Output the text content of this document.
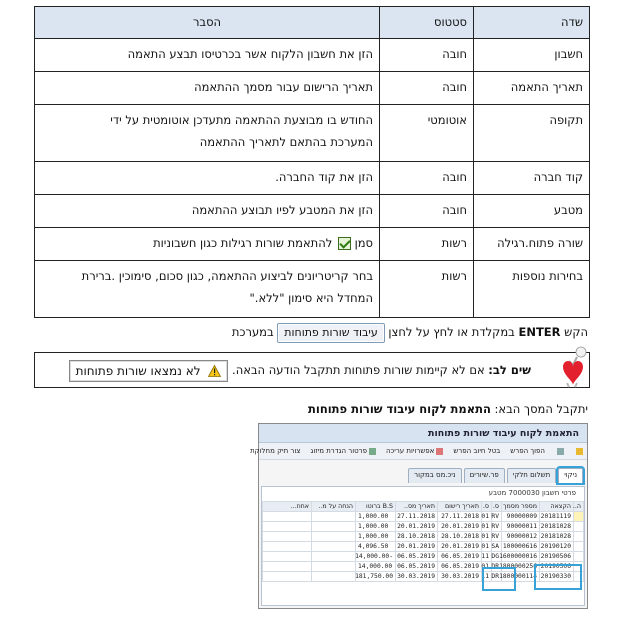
שדה	סטטוס	הסבר
חשבון	חובה	הזן את חשבון הלקוח אשר בכרטיסו תבצע התאמה
תאריך התאמה	חובה	תאריך הרישום עבור מסמך ההתאמה
תקופה	אוטומטי	החודש בו מבוצעת ההתאמה מתעדכן אוטומטית על ידי
המערכת בהתאם לתאריך ההתאמה

קוד חברה	חובה	הזן את קוד החברה.
מטבע	חובה	הזן את המטבע לפיו תבוצע ההתאמה
שורה פתוח.רגילה	רשות	סמן  להתאמת שורות רגילות כגון חשבוניות
בחירות נוספות	רשות	בחר קריטריונים לביצוע ההתאמה, כגון סכום, סימוכין .ברירת
המחדל היא סימון "ללא."
הקש ENTER במקלדת או לחץ על לחצן עיבוד שורות פתוחות במערכת
שים לב: אם לא קיימות שורות פתוחות תתקבל הודעה הבאה.  לא נמצאו שורות פתוחות
יתקבל המסך הבא: התאמת לקוח עיבוד שורות פתוחות
התאמת לקוח עיבוד שורות פתוחות
הפוך הפרש
בטל חיוב הפרש
אפשרויות עריכה
פרטור הגדרת מיזוג
צור תיק מחלוקת
ניקוי
תשלום חלקי
פר.שיורים
ניכ.מס במקור
פרטי חשבון 7000030 מטבע
ה..	הקצאה	מספר מסמך	ס.	ס.	תאריך רישום	תאריך מס..	B.S ברוטו	הנחה על מ..	אחוז...
	20181119	90000009	RV	01	27.11.2018	27.11.2018	1,000.00		
	20181028	90000011	RV	01	20.01.2019	20.01.2019	1,000.00		
	20181028	90000012	RV	01	28.10.2018	28.10.2018	1,000.00		
	20190120	100000616	SA	01	20.01.2019	20.01.2019	4,096.50		
	20190506	1600000016	DG	11	06.05.2019	06.05.2019	-14,000.00		
	20190506	1800000256	DR	01	06.05.2019	06.05.2019	14,000.00		
	20190330	1800000114	DR	11	30.03.2019	30.03.2019	181,750.00		
